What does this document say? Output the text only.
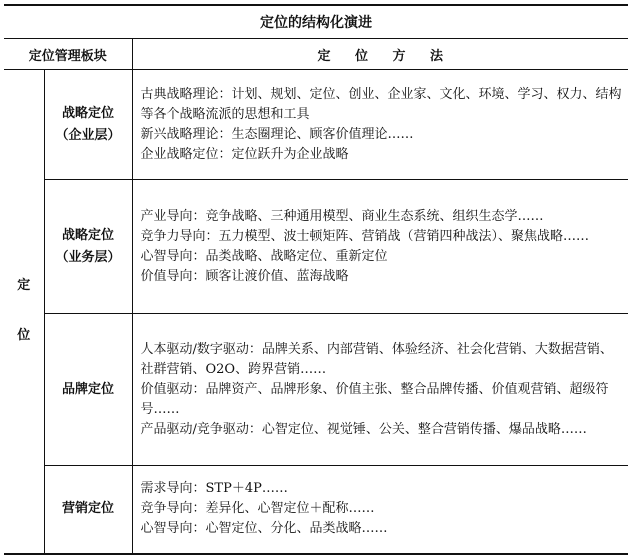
定位的结构化演进		
定位管理板块		定 位 方 法

定
位	战略定位
（企业层）	古典战略理论：计划、规划、定位、创业、企业家、文化、环境、学习、权力、结构等各个战略流派的思想和工具
新兴战略理论：生态圈理论、顾客价值理论……
企业战略定位：定位跃升为企业战略

	战略定位
（业务层）	产业导向：竞争战略、三种通用模型、商业生态系统、组织生态学……
竞争力导向：五力模型、波士顿矩阵、营销战（营销四种战法）、聚焦战略……
心智导向：品类战略、战略定位、重新定位
价值导向：顾客让渡价值、蓝海战略

	品牌定位	人本驱动/数字驱动：品牌关系、内部营销、体验经济、社会化营销、大数据营销、社群营销、O2O、跨界营销……
价值驱动：品牌资产、品牌形象、价值主张、整合品牌传播、价值观营销、超级符号……
产品驱动/竞争驱动：心智定位、视觉锤、公关、整合营销传播、爆品战略……

	营销定位	需求导向：STP＋4P……
竞争导向：差异化、心智定位＋配称……
心智导向：心智定位、分化、品类战略……
